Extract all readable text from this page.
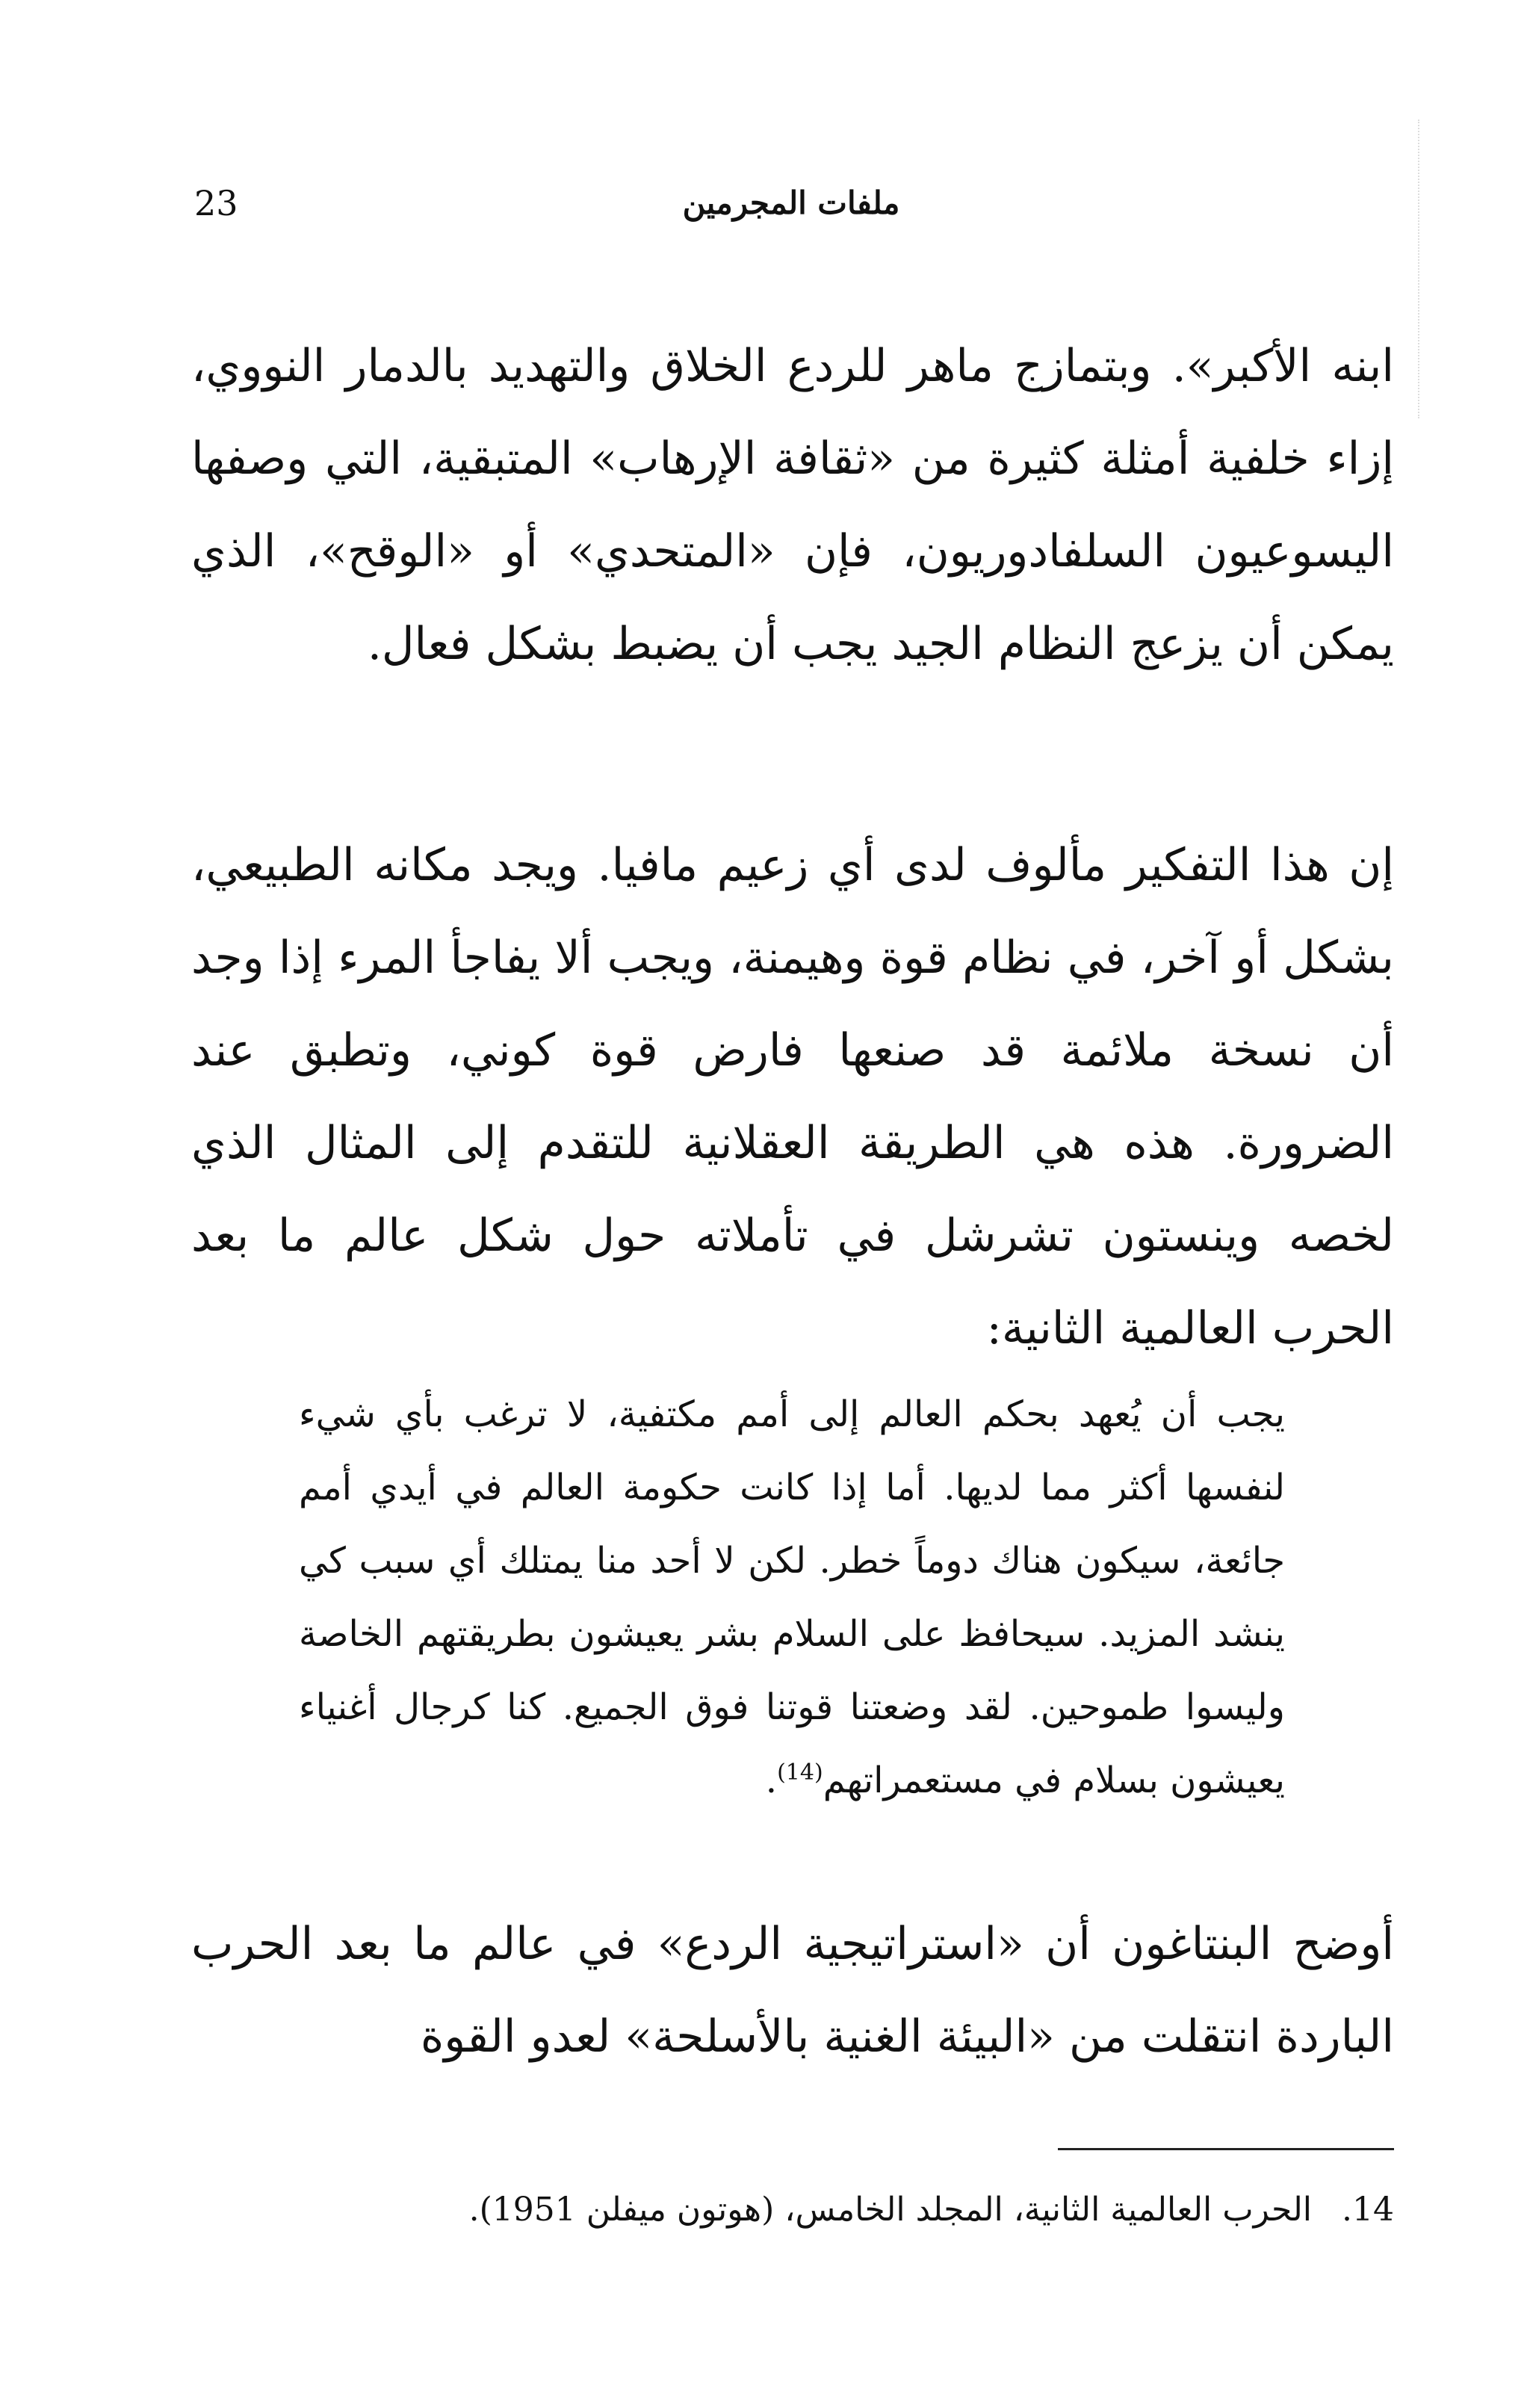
23	ملفات المجرمين

ابنه الأكبر». وبتمازج ماهر للردع الخلاق والتهديد بالدمار النووي، إزاء خلفية أمثلة كثيرة من «ثقافة الإرهاب» المتبقية، التي وصفها اليسوعيون السلفادوريون، فإن «المتحدي» أو «الوقح»، الذي يمكن أن يزعج النظام الجيد يجب أن يضبط بشكل فعال.

إن هذا التفكير مألوف لدى أي زعيم مافيا. ويجد مكانه الطبيعي، بشكل أو آخر، في نظام قوة وهيمنة، ويجب ألا يفاجأ المرء إذا وجد أن نسخة ملائمة قد صنعها فارض قوة كوني، وتطبق عند الضرورة. هذه هي الطريقة العقلانية للتقدم إلى المثال الذي لخصه وينستون تشرشل في تأملاته حول شكل عالم ما بعد الحرب العالمية الثانية:

يجب أن يُعهد بحكم العالم إلى أمم مكتفية، لا ترغب بأي شيء لنفسها أكثر مما لديها. أما إذا كانت حكومة العالم في أيدي أمم جائعة، سيكون هناك دوماً خطر. لكن لا أحد منا يمتلك أي سبب كي ينشد المزيد. سيحافظ على السلام بشر يعيشون بطريقتهم الخاصة وليسوا طموحين. لقد وضعتنا قوتنا فوق الجميع. كنا كرجال أغنياء يعيشون بسلام في مستعمراتهم$^{(14)}$.

أوضح البنتاغون أن «استراتيجية الردع» في عالم ما بعد الحرب الباردة انتقلت من «البيئة الغنية بالأسلحة» لعدو القوة

14.الحرب العالمية الثانية، المجلد الخامس، (هوتون ميفلن 1951).
